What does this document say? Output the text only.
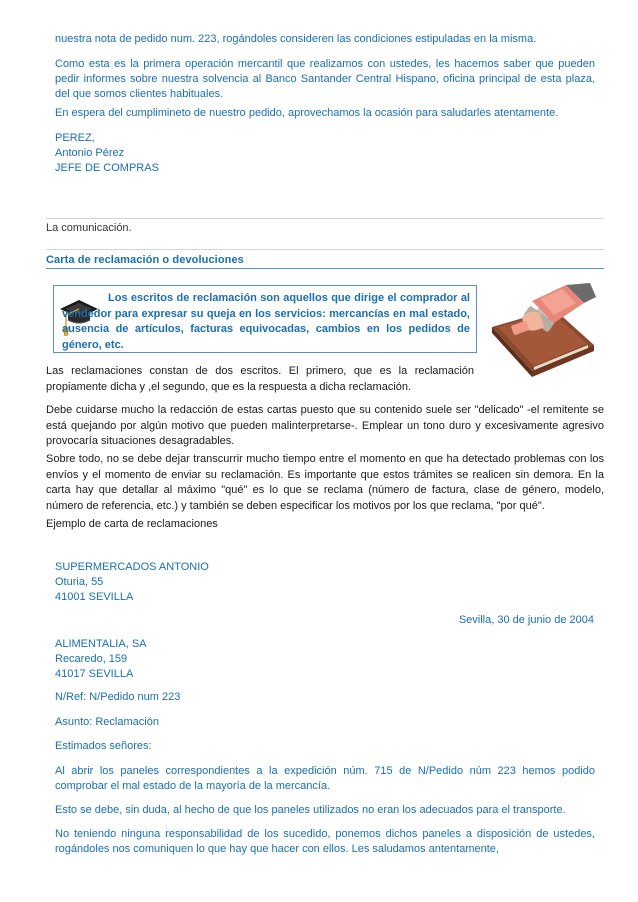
nuestra nota de pedido num. 223, rogándoles consideren las condiciones estipuladas en la misma.

Como esta es la primera operación mercantil que realizamos con ustedes, les hacemos saber que pueden pedir informes sobre nuestra solvencia al Banco Santander Central Hispano, oficina principal de esta plaza, del que somos clientes habituales.

En espera del cumplimineto de nuestro pedido, aprovechamos la ocasión para saludarles atentamente.

PEREZ,

Antonio Pérez

JEFE DE COMPRAS

La comunicación.
Carta de reclamación o devoluciones

Los escritos de reclamación son aquellos que dirige el comprador al vendedor para expresar su queja en los servicios: mercancías en mal estado, ausencia de artículos, facturas equivocadas, cambios en los pedidos de género, etc.

Las reclamaciones constan de dos escritos. El primero, que es la reclamación propiamente dicha y ,el segundo, que es la respuesta a dicha reclamación.

Debe cuidarse mucho la redacción de estas cartas puesto que su contenido suele ser "delicado" -el remitente se está quejando por algún motivo que pueden malinterpretarse-. Emplear un tono duro y excesivamente agresivo provocaría situaciones desagradables.

Sobre todo, no se debe dejar transcurrir mucho tiempo entre el momento en que ha detectado problemas con los envíos y el momento de enviar su reclamación. Es importante que estos trámites se realicen sin demora. En la carta hay que detallar al máximo "qué" es lo que se reclama (número de factura, clase de género, modelo, número de referencia, etc.) y también se deben especificar los motivos por los que reclama, "por qué".

Ejemplo de carta de reclamaciones

SUPERMERCADOS ANTONIO

Oturia, 55

41001 SEVILLA

Sevilla, 30 de junio de 2004

ALIMENTALIA, SA

Recaredo, 159

41017 SEVILLA

N/Ref: N/Pedido num 223

Asunto: Reclamación

Estimados señores:

Al abrir los paneles correspondientes a la expedición núm. 715 de N/Pedido núm 223 hemos podido comprobar el mal estado de la mayoría de la mercancía.

Esto se debe, sin duda, al hecho de que los paneles utilizados no eran los adecuados para el transporte.

No teniendo ninguna responsabilidad de los sucedido, ponemos dichos paneles a disposición de ustedes, rogándoles nos comuniquen lo que hay que hacer con ellos. Les saludamos antentamente,
